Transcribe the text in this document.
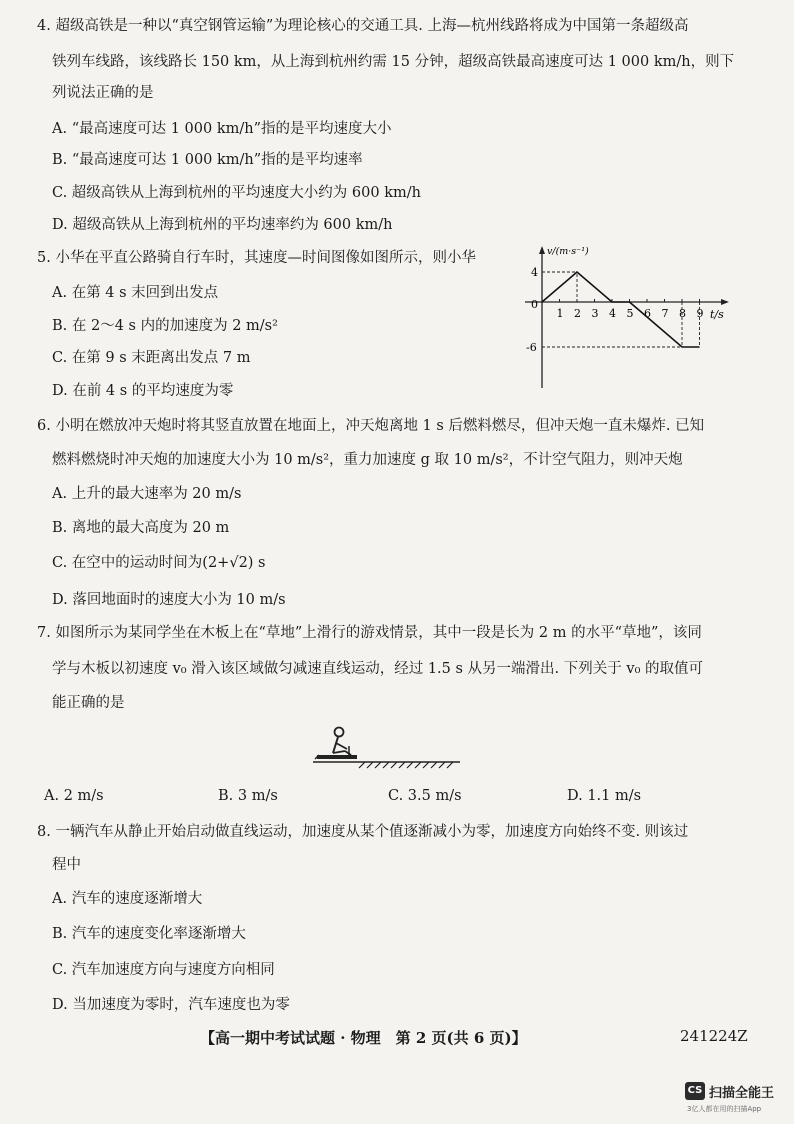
4. 超级高铁是一种以“真空钢管运输”为理论核心的交通工具. 上海—杭州线路将成为中国第一条超级高
铁列车线路，该线路长 150 km，从上海到杭州约需 15 分钟，超级高铁最高速度可达 1 000 km/h，则下
列说法正确的是
A. “最高速度可达 1 000 km/h”指的是平均速度大小
B. “最高速度可达 1 000 km/h”指的是平均速率
C. 超级高铁从上海到杭州的平均速度大小约为 600 km/h
D. 超级高铁从上海到杭州的平均速率约为 600 km/h
5. 小华在平直公路骑自行车时，其速度—时间图像如图所示，则小华
A. 在第 4 s 末回到出发点
B. 在 2～4 s 内的加速度为 2 m/s²
C. 在第 9 s 末距离出发点 7 m
D. 在前 4 s 的平均速度为零
v/(m·s⁻¹)
t/s
0
1 2 3 4 5 6 7 8 9
4
-6
6. 小明在燃放冲天炮时将其竖直放置在地面上，冲天炮离地 1 s 后燃料燃尽，但冲天炮一直未爆炸. 已知
燃料燃烧时冲天炮的加速度大小为 10 m/s²，重力加速度 g 取 10 m/s²，不计空气阻力，则冲天炮
A. 上升的最大速率为 20 m/s
B. 离地的最大高度为 20 m
C. 在空中的运动时间为(2+√2) s
D. 落回地面时的速度大小为 10 m/s
7. 如图所示为某同学坐在木板上在“草地”上滑行的游戏情景，其中一段是长为 2 m 的水平“草地”，该同
学与木板以初速度 v₀ 滑入该区域做匀减速直线运动，经过 1.5 s 从另一端滑出. 下列关于 v₀ 的取值可
能正确的是
A. 2 m/s	B. 3 m/s	C. 3.5 m/s	D. 1.1 m/s
8. 一辆汽车从静止开始启动做直线运动，加速度从某个值逐渐减小为零，加速度方向始终不变. 则该过
程中
A. 汽车的速度逐渐增大
B. 汽车的速度变化率逐渐增大
C. 汽车加速度方向与速度方向相同
D. 当加速度为零时，汽车速度也为零
【高一期中考试试题 · 物理　第 2 页(共 6 页)】	241224Z
CS 扫描全能王
3亿人都在用的扫描App
